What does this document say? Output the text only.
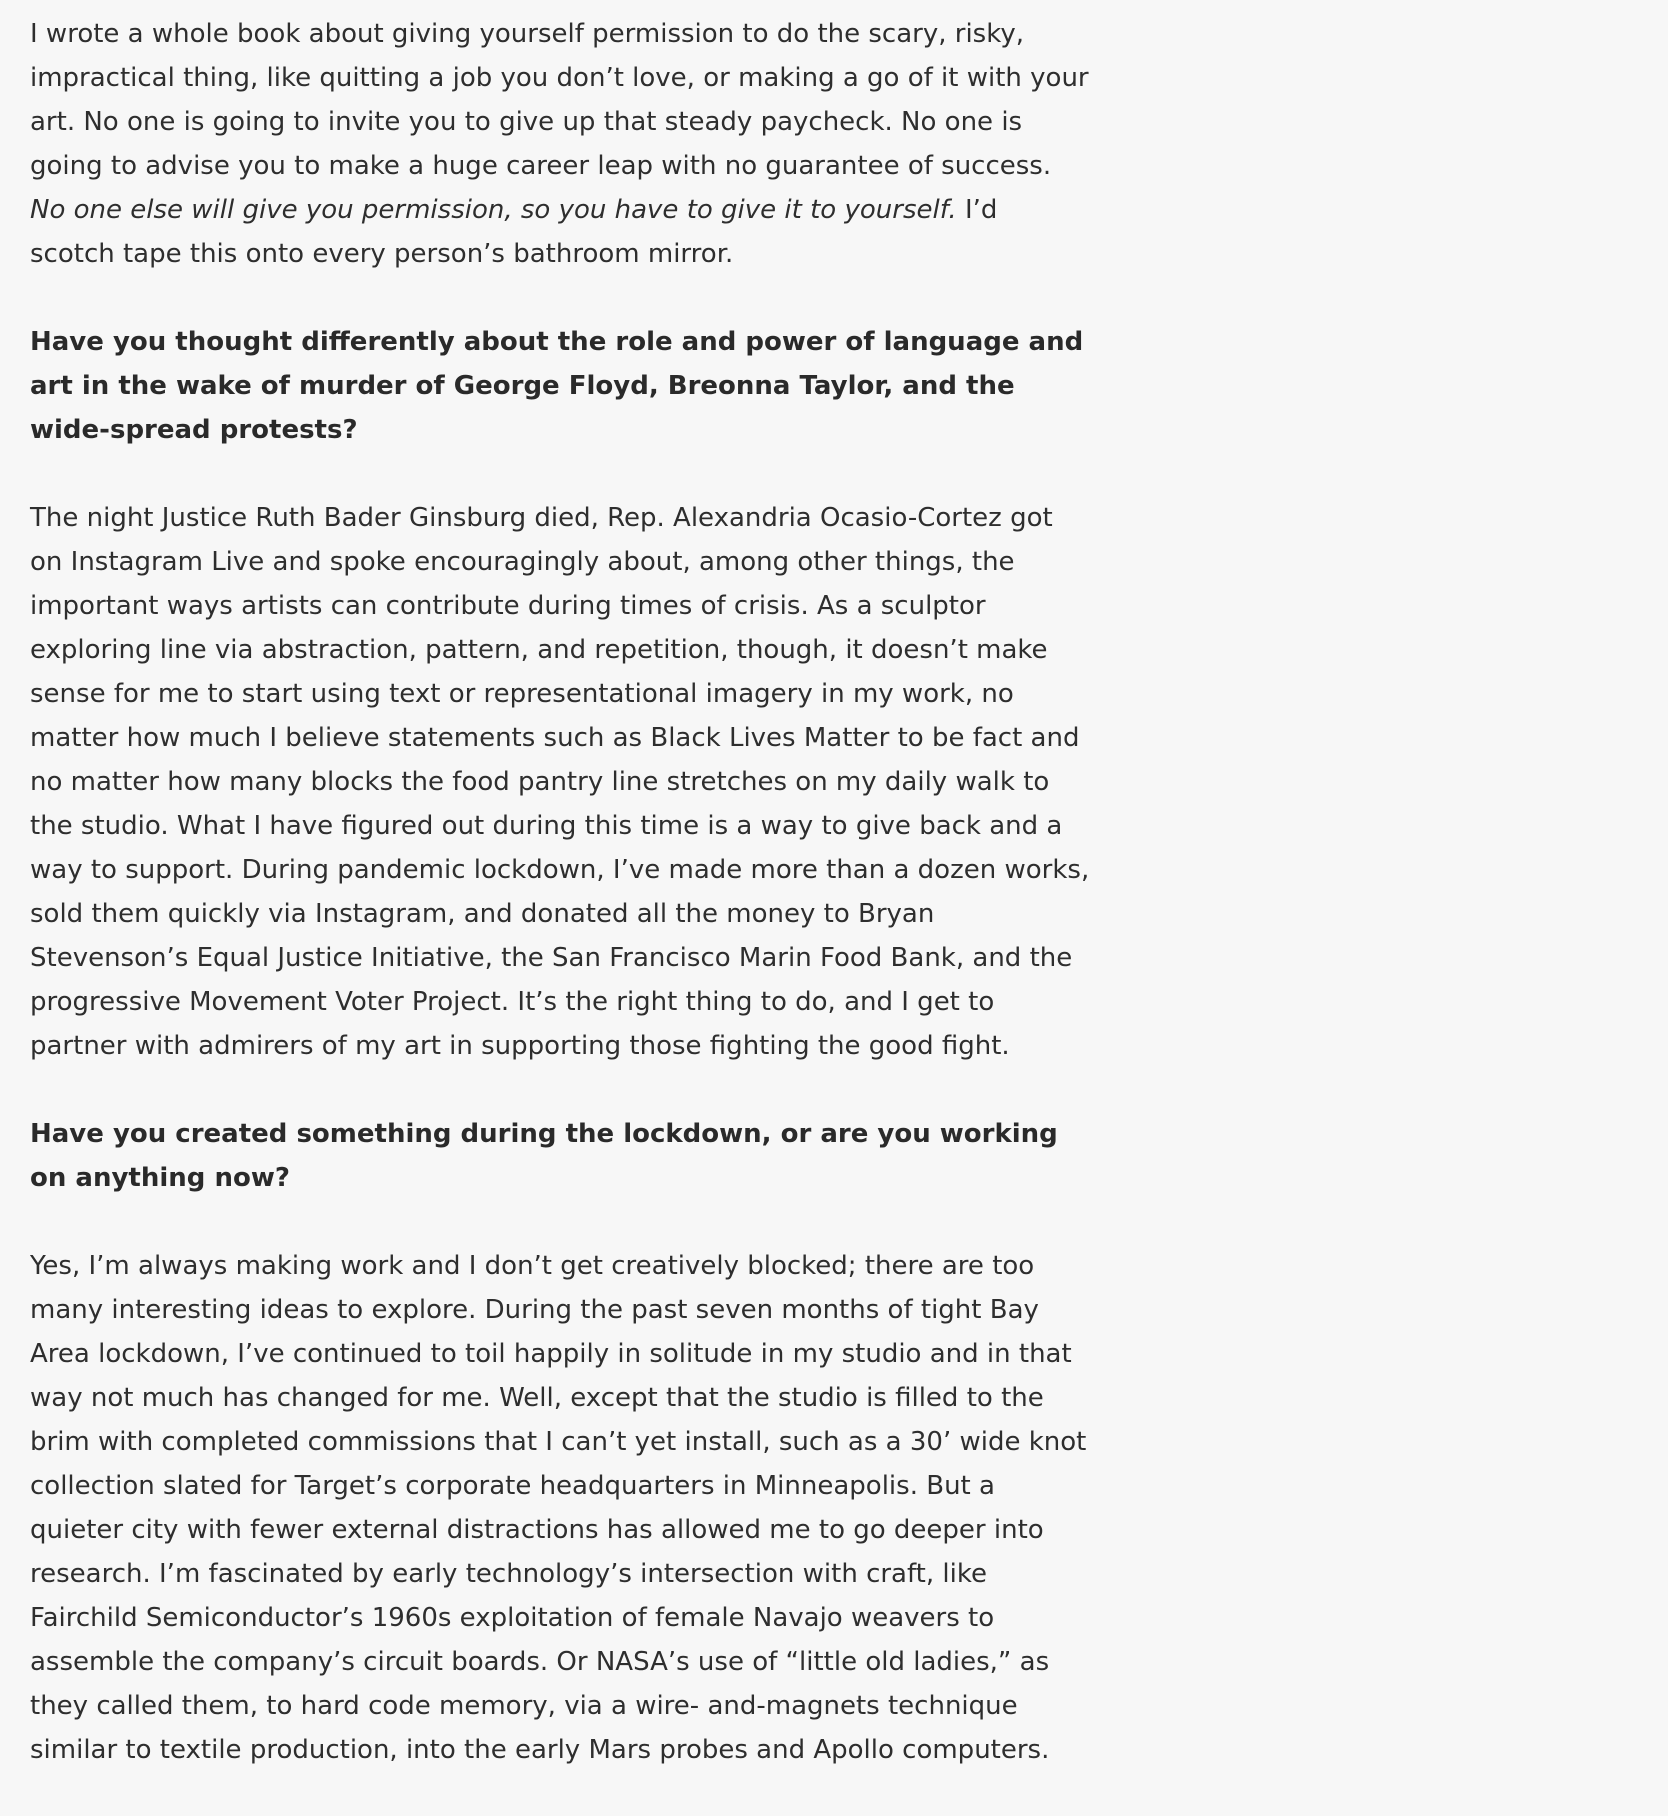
I wrote a whole book about giving yourself permission to do the scary, risky, impractical thing, like quitting a job you don’t love, or making a go of it with your art. No one is going to invite you to give up that steady paycheck. No one is going to advise you to make a huge career leap with no guarantee of success. No one else will give you permission, so you have to give it to yourself. I’d scotch tape this onto every person’s bathroom mirror.

Have you thought differently about the role and power of language and art in the wake of murder of George Floyd, Breonna Taylor, and the wide-spread protests?

The night Justice Ruth Bader Ginsburg died, Rep. Alexandria Ocasio-Cortez got on Instagram Live and spoke encouragingly about, among other things, the important ways artists can contribute during times of crisis. As a sculptor exploring line via abstraction, pattern, and repetition, though, it doesn’t make sense for me to start using text or representational imagery in my work, no matter how much I believe statements such as Black Lives Matter to be fact and no matter how many blocks the food pantry line stretches on my daily walk to the studio. What I have figured out during this time is a way to give back and a way to support. During pandemic lockdown, I’ve made more than a dozen works, sold them quickly via Instagram, and donated all the money to Bryan Stevenson’s Equal Justice Initiative, the San Francisco Marin Food Bank, and the progressive Movement Voter Project. It’s the right thing to do, and I get to partner with admirers of my art in supporting those fighting the good fight.

Have you created something during the lockdown, or are you working on anything now?

Yes, I’m always making work and I don’t get creatively blocked; there are too many interesting ideas to explore. During the past seven months of tight Bay Area lockdown, I’ve continued to toil happily in solitude in my studio and in that way not much has changed for me. Well, except that the studio is filled to the brim with completed commissions that I can’t yet install, such as a 30’ wide knot collection slated for Target’s corporate headquarters in Minneapolis. But a quieter city with fewer external distractions has allowed me to go deeper into research. I’m fascinated by early technology’s intersection with craft, like Fairchild Semiconductor’s 1960s exploitation of female Navajo weavers to assemble the company’s circuit boards. Or NASA’s use of “little old ladies,” as they called them, to hard code memory, via a wire- and-magnets technique similar to textile production, into the early Mars probes and Apollo computers.
